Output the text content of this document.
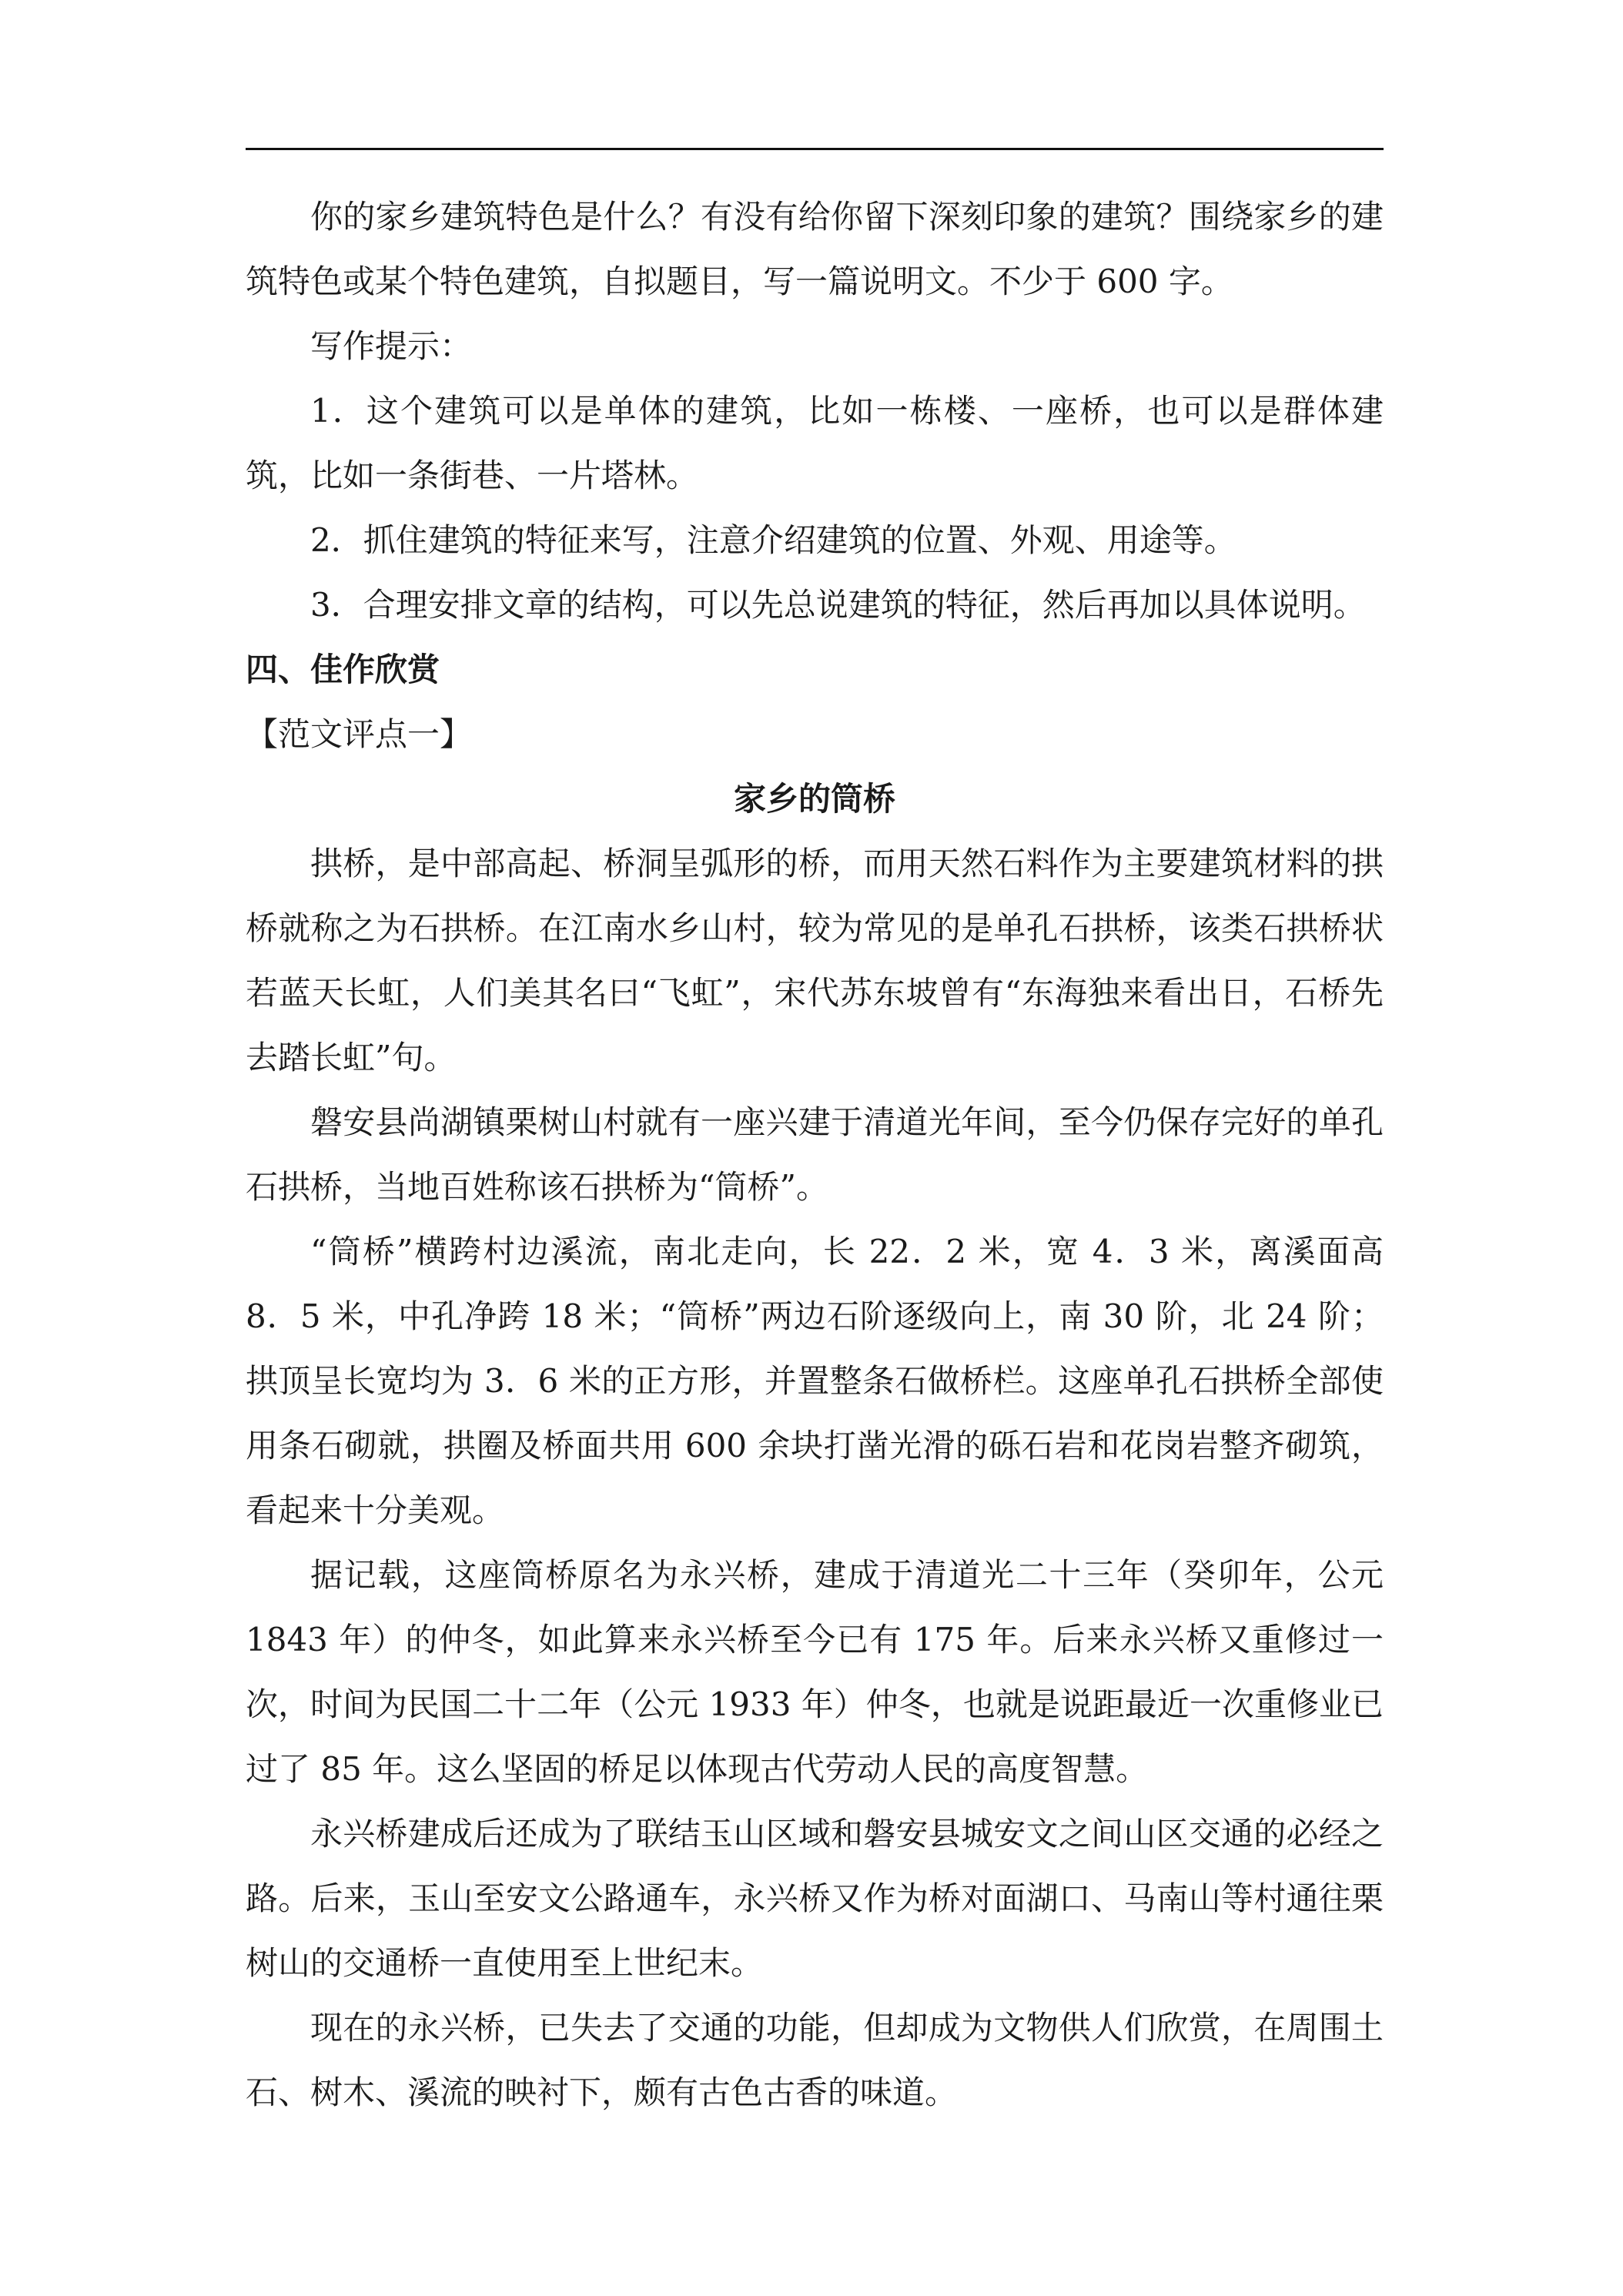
你的家乡建筑特色是什么？有没有给你留下深刻印象的建筑？围绕家乡的建筑特色或某个特色建筑，自拟题目，写一篇说明文。不少于 600 字。

写作提示：

1．这个建筑可以是单体的建筑，比如一栋楼、一座桥，也可以是群体建筑，比如一条街巷、一片塔林。

2．抓住建筑的特征来写，注意介绍建筑的位置、外观、用途等。

3．合理安排文章的结构，可以先总说建筑的特征，然后再加以具体说明。

四、佳作欣赏

【范文评点一】

家乡的筒桥

拱桥，是中部高起、桥洞呈弧形的桥，而用天然石料作为主要建筑材料的拱桥就称之为石拱桥。在江南水乡山村，较为常见的是单孔石拱桥，该类石拱桥状若蓝天长虹，人们美其名曰“飞虹”，宋代苏东坡曾有“东海独来看出日，石桥先去踏长虹”句。

磐安县尚湖镇栗树山村就有一座兴建于清道光年间，至今仍保存完好的单孔石拱桥，当地百姓称该石拱桥为“筒桥”。

“筒桥”横跨村边溪流，南北走向，长 22．2 米，宽 4．3 米，离溪面高 8．5 米，中孔净跨 18 米；“筒桥”两边石阶逐级向上，南 30 阶，北 24 阶；拱顶呈长宽均为 3．6 米的正方形，并置整条石做桥栏。这座单孔石拱桥全部使用条石砌就，拱圈及桥面共用 600 余块打凿光滑的砾石岩和花岗岩整齐砌筑，看起来十分美观。

据记载，这座筒桥原名为永兴桥，建成于清道光二十三年（癸卯年，公元 1843 年）的仲冬，如此算来永兴桥至今已有 175 年。后来永兴桥又重修过一次，时间为民国二十二年（公元 1933 年）仲冬，也就是说距最近一次重修业已过了 85 年。这么坚固的桥足以体现古代劳动人民的高度智慧。

永兴桥建成后还成为了联结玉山区域和磐安县城安文之间山区交通的必经之路。后来，玉山至安文公路通车，永兴桥又作为桥对面湖口、马南山等村通往栗树山的交通桥一直使用至上世纪末。

现在的永兴桥，已失去了交通的功能，但却成为文物供人们欣赏，在周围土石、树木、溪流的映衬下，颇有古色古香的味道。
